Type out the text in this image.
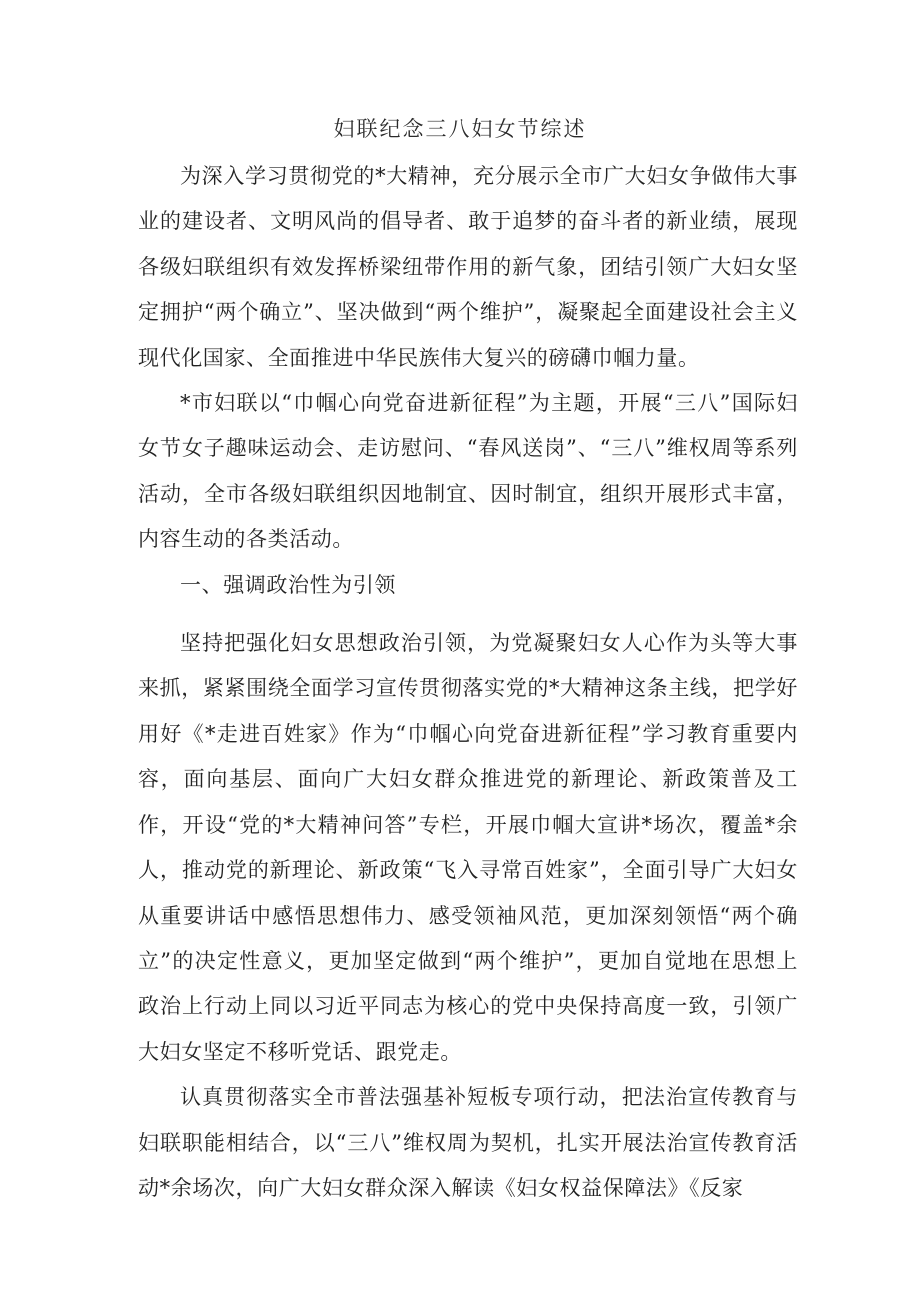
妇联纪念三八妇女节综述

为深入学习贯彻党的*大精神，充分展示全市广大妇女争做伟大事业的建设者、文明风尚的倡导者、敢于追梦的奋斗者的新业绩，展现各级妇联组织有效发挥桥梁纽带作用的新气象，团结引领广大妇女坚定拥护“两个确立”、坚决做到“两个维护”，凝聚起全面建设社会主义现代化国家、全面推进中华民族伟大复兴的磅礴巾帼力量。

*市妇联以“巾帼心向党奋进新征程”为主题，开展“三八”国际妇女节女子趣味运动会、走访慰问、“春风送岗”、“三八”维权周等系列活动，全市各级妇联组织因地制宜、因时制宜，组织开展形式丰富，内容生动的各类活动。

一、强调政治性为引领

坚持把强化妇女思想政治引领，为党凝聚妇女人心作为头等大事来抓，紧紧围绕全面学习宣传贯彻落实党的*大精神这条主线，把学好用好《*走进百姓家》作为“巾帼心向党奋进新征程”学习教育重要内容，面向基层、面向广大妇女群众推进党的新理论、新政策普及工作，开设“党的*大精神问答”专栏，开展巾帼大宣讲*场次，覆盖*余人，推动党的新理论、新政策“飞入寻常百姓家”，全面引导广大妇女从重要讲话中感悟思想伟力、感受领袖风范，更加深刻领悟“两个确立”的决定性意义，更加坚定做到“两个维护”，更加自觉地在思想上政治上行动上同以习近平同志为核心的党中央保持高度一致，引领广大妇女坚定不移听党话、跟党走。

认真贯彻落实全市普法强基补短板专项行动，把法治宣传教育与妇联职能相结合，以“三八”维权周为契机，扎实开展法治宣传教育活动*余场次，向广大妇女群众深入解读《妇女权益保障法》《反家
